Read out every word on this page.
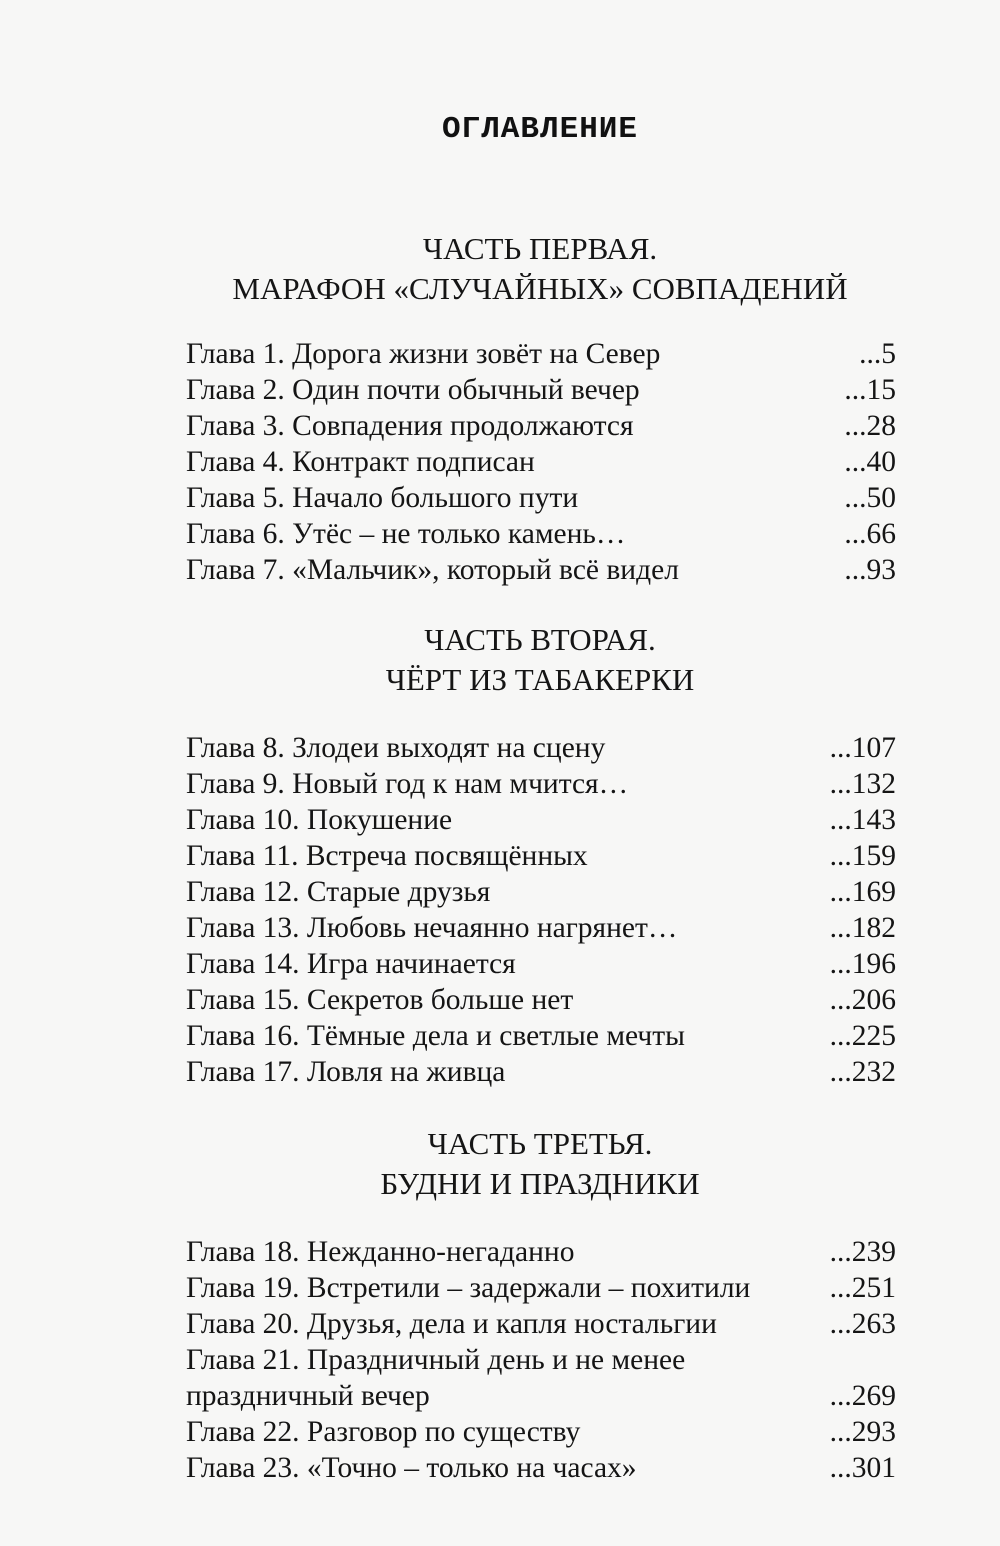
ОГЛАВЛЕНИЕ
ЧАСТЬ ПЕРВАЯ.
МАРАФОН «СЛУЧАЙНЫХ» СОВПАДЕНИЙ
Глава 1. Дорога жизни зовёт на Север	...5
Глава 2. Один почти обычный вечер	...15
Глава 3. Совпадения продолжаются	...28
Глава 4. Контракт подписан	...40
Глава 5. Начало большого пути	...50
Глава 6. Утёс – не только камень…	...66
Глава 7. «Мальчик», который всё видел	...93
ЧАСТЬ ВТОРАЯ.
ЧЁРТ ИЗ ТАБАКЕРКИ
Глава 8. Злодеи выходят на сцену	...107
Глава 9. Новый год к нам мчится…	...132
Глава 10. Покушение	...143
Глава 11. Встреча посвящённых	...159
Глава 12. Старые друзья	...169
Глава 13. Любовь нечаянно нагрянет…	...182
Глава 14. Игра начинается	...196
Глава 15. Секретов больше нет	...206
Глава 16. Тёмные дела и светлые мечты	...225
Глава 17. Ловля на живца	...232
ЧАСТЬ ТРЕТЬЯ.
БУДНИ И ПРАЗДНИКИ
Глава 18. Нежданно-негаданно	...239
Глава 19. Встретили – задержали – похитили	...251
Глава 20. Друзья, дела и капля ностальгии	...263
Глава 21. Праздничный день и не менее праздничный вечер	...269
Глава 22. Разговор по существу	...293
Глава 23. «Точно – только на часах»	...301
